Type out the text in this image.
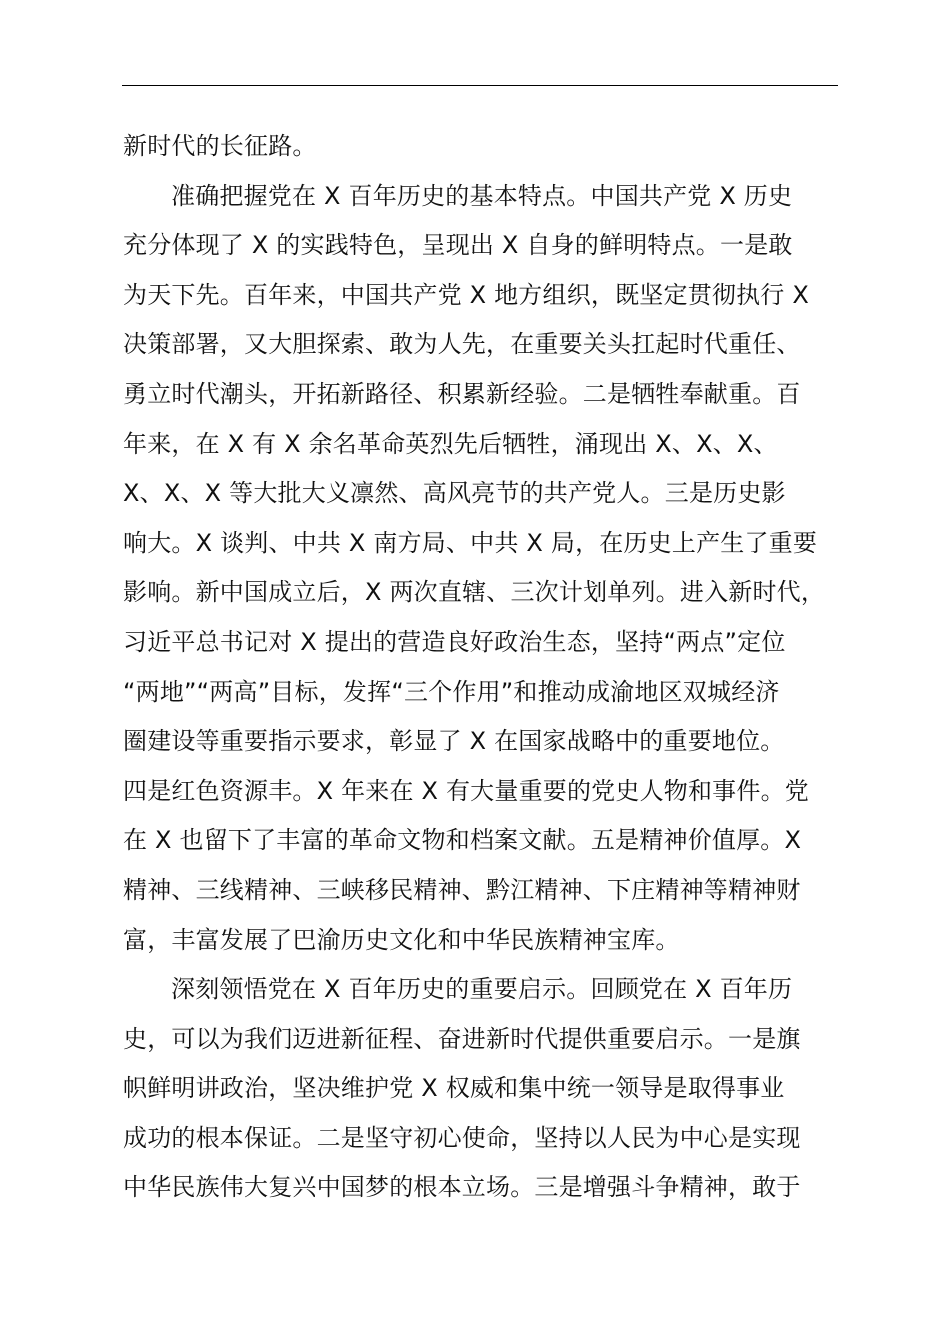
新时代的长征路。
准确把握党在 X 百年历史的基本特点。中国共产党 X 历史
充分体现了 X 的实践特色，呈现出 X 自身的鲜明特点。一是敢
为天下先。百年来，中国共产党 X 地方组织，既坚定贯彻执行 X
决策部署，又大胆探索、敢为人先，在重要关头扛起时代重任、
勇立时代潮头，开拓新路径、积累新经验。二是牺牲奉献重。百
年来，在 X 有 X 余名革命英烈先后牺牲，涌现出 X、X、X、
X、X、X 等大批大义凛然、高风亮节的共产党人。三是历史影
响大。X 谈判、中共 X 南方局、中共 X 局，在历史上产生了重要
影响。新中国成立后，X 两次直辖、三次计划单列。进入新时代，
习近平总书记对 X 提出的营造良好政治生态，坚持“两点”定位
“两地”“两高”目标，发挥“三个作用”和推动成渝地区双城经济
圈建设等重要指示要求，彰显了 X 在国家战略中的重要地位。
四是红色资源丰。X 年来在 X 有大量重要的党史人物和事件。党
在 X 也留下了丰富的革命文物和档案文献。五是精神价值厚。X
精神、三线精神、三峡移民精神、黔江精神、下庄精神等精神财
富，丰富发展了巴渝历史文化和中华民族精神宝库。
深刻领悟党在 X 百年历史的重要启示。回顾党在 X 百年历
史，可以为我们迈进新征程、奋进新时代提供重要启示。一是旗
帜鲜明讲政治，坚决维护党 X 权威和集中统一领导是取得事业
成功的根本保证。二是坚守初心使命，坚持以人民为中心是实现
中华民族伟大复兴中国梦的根本立场。三是增强斗争精神，敢于
